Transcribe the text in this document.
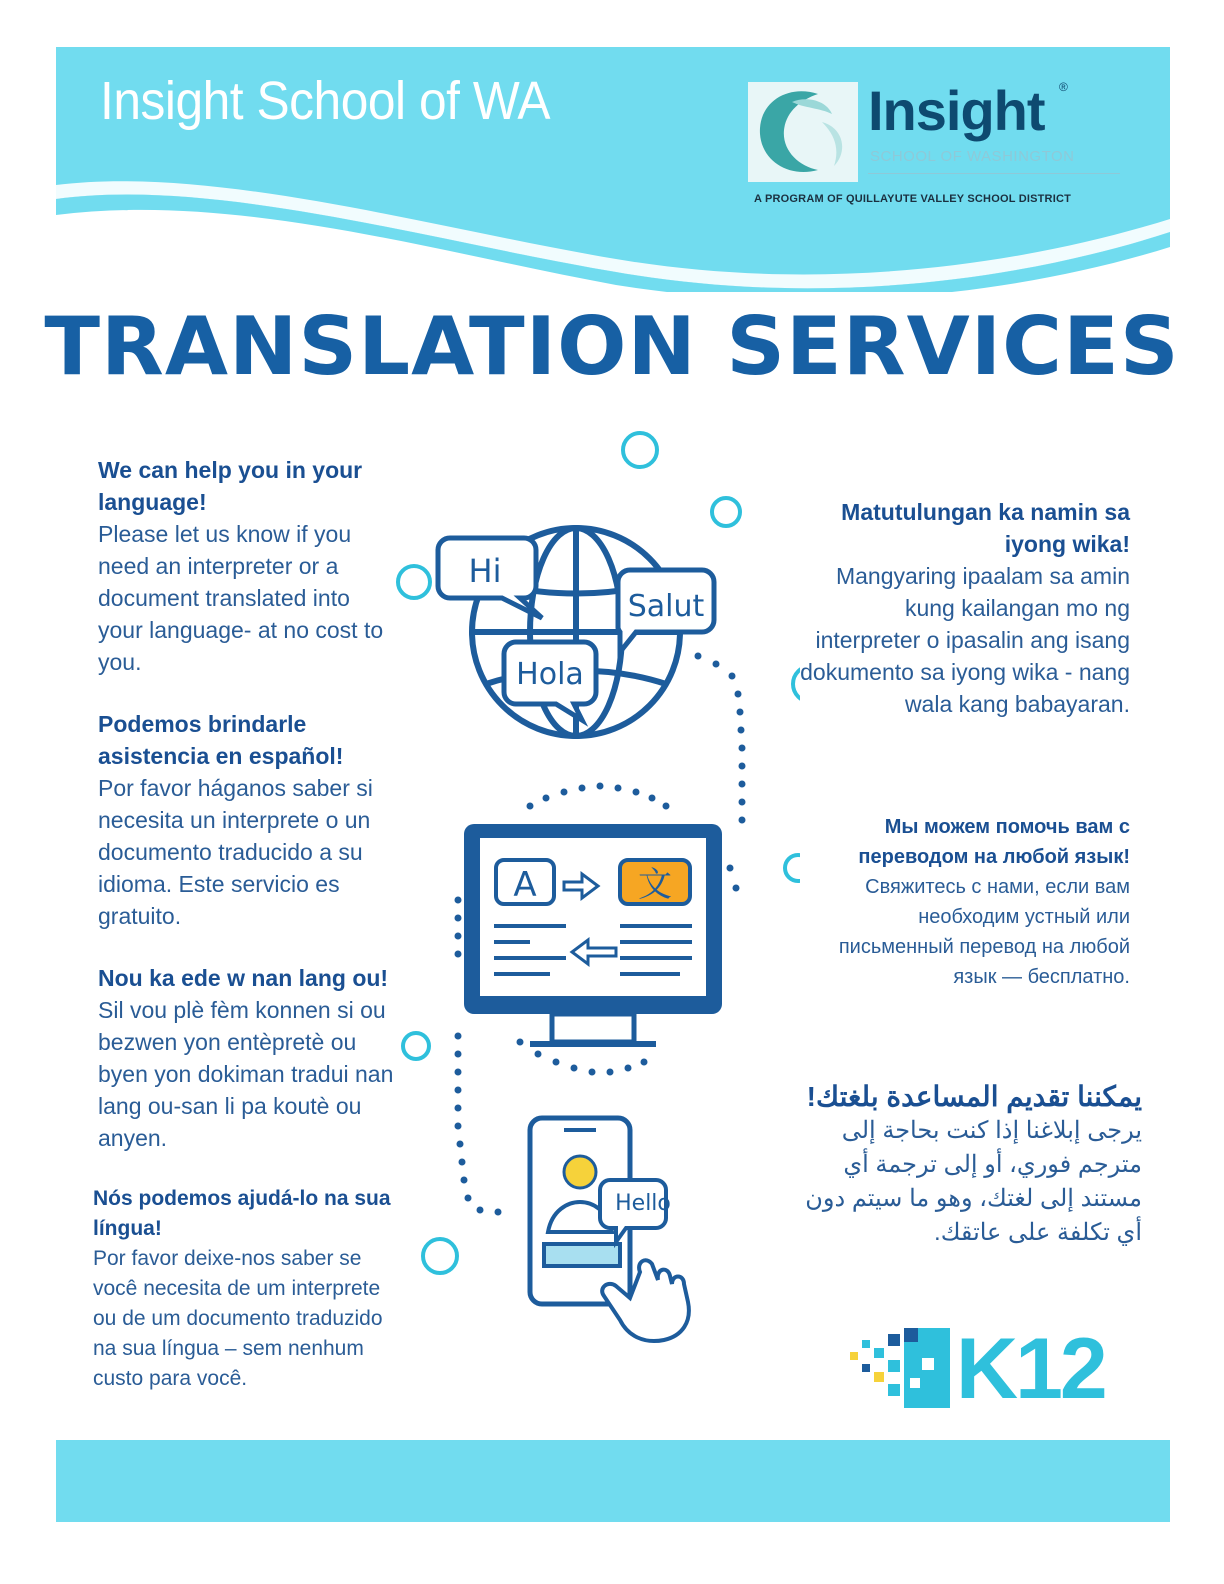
Insight School of WA	Insight ®
SCHOOL OF WASHINGTON
A PROGRAM OF QUILLAYUTE VALLEY SCHOOL DISTRICT
TRANSLATION SERVICES
We can help you in your language!
Please let us know if you need an interpreter or a document translated into your language- at no cost to you.
Podemos brindarle asistencia en español!
Por favor háganos saber si necesita un interprete o un documento traducido a su idioma. Este servicio es gratuito.
Nou ka ede w nan lang ou!
Sil vou plè fèm konnen si ou bezwen yon entèpretè ou byen yon dokiman tradui nan lang ou-san li pa koutè ou anyen.
Nós podemos ajudá-lo na sua língua!
Por favor deixe-nos saber se você necesita de um interprete ou de um documento traduzido na sua língua – sem nenhum custo para você.
Matutulungan ka namin sa iyong wika!
Mangyaring ipaalam sa amin kung kailangan mo ng interpreter o ipasalin ang isang dokumento sa iyong wika - nang wala kang babayaran.
Мы можем помочь вам с переводом на любой язык!
Свяжитесь с нами, если вам необходим устный или письменный перевод на любой язык — бесплатно.
يمكننا تقديم المساعدة بلغتك!
يرجى إبلاغنا إذا كنت بحاجة إلى مترجم فوري، أو إلى ترجمة أي مستند إلى لغتك، وهو ما سيتم دون أي تكلفة على عاتقك.
Hi
Salut
Hola
A	文
Hello
K12
